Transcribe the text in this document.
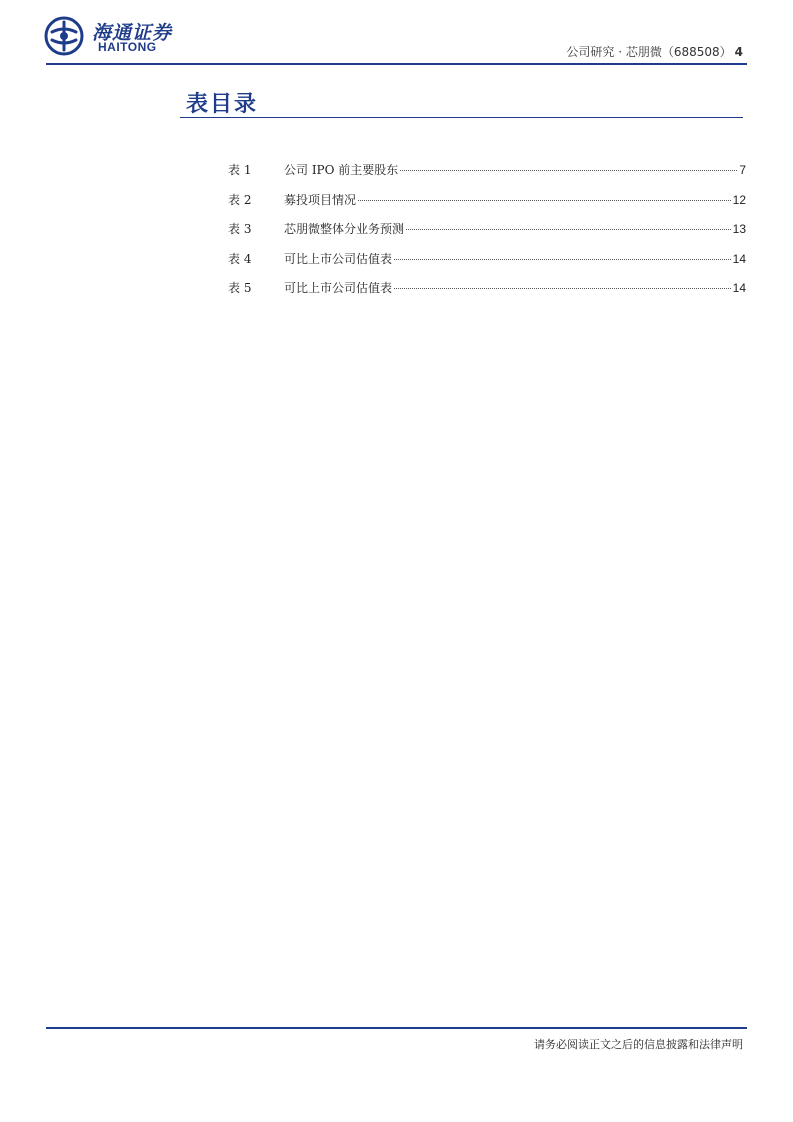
海通证券
HAITONG	公司研究 · 芯朋微（688508） 4
表目录
表 1	公司 IPO 前主要股东	7
表 2	募投项目情况	12
表 3	芯朋微整体分业务预测	13
表 4	可比上市公司估值表	14
表 5	可比上市公司估值表	14
请务必阅读正文之后的信息披露和法律声明
